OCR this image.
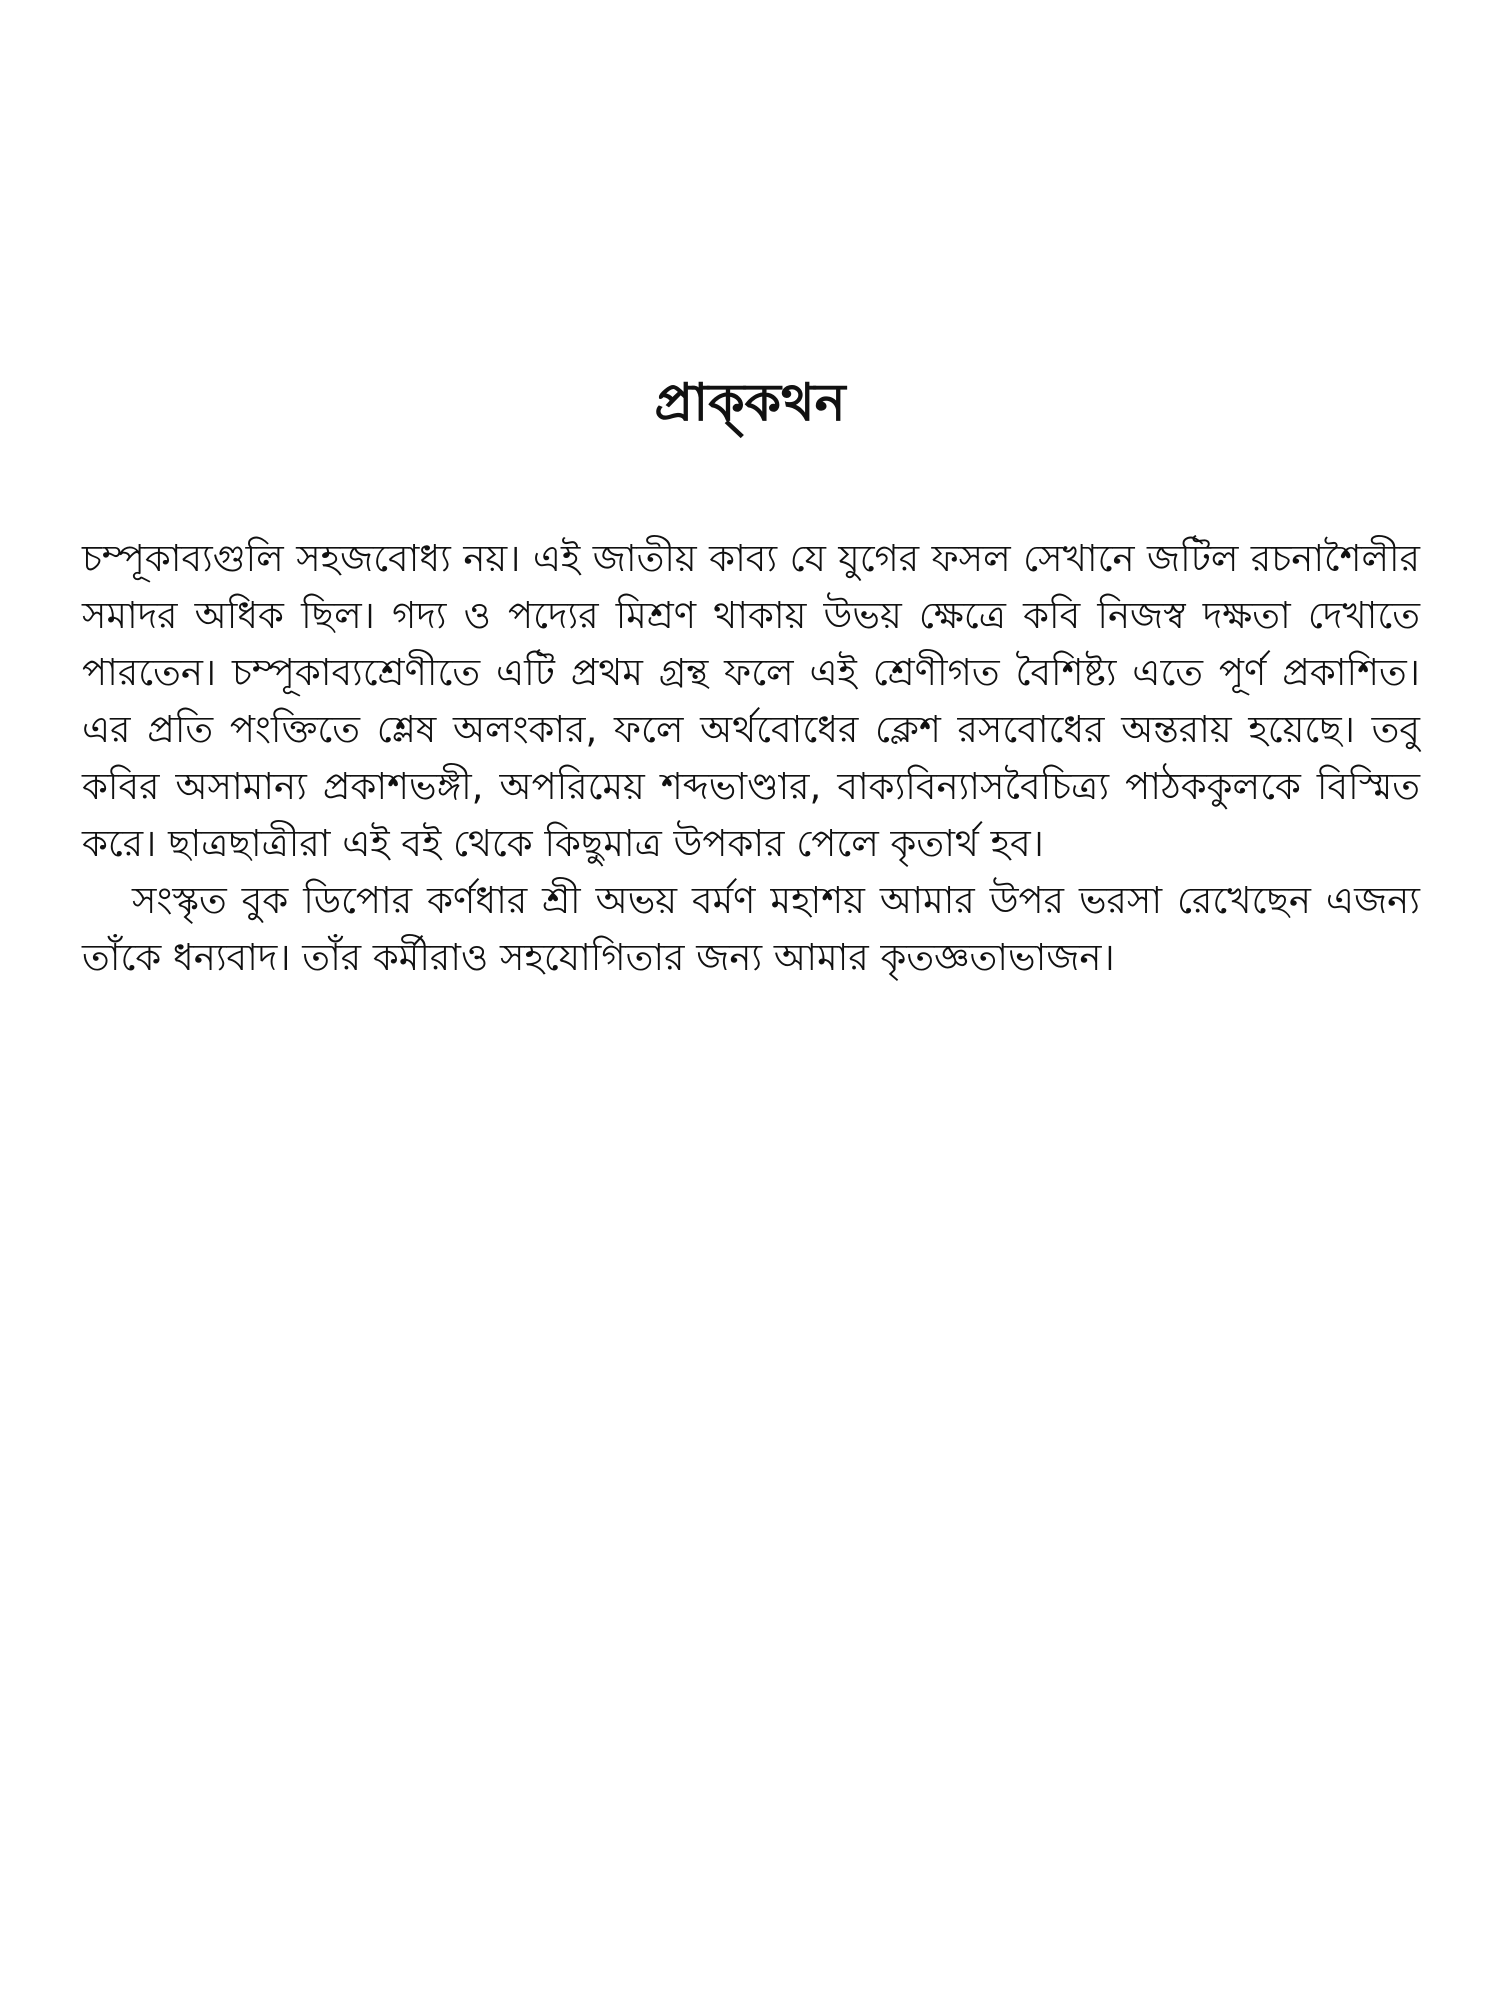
প্রাক্‌কথন

চম্পূকাব্যগুলি সহজবোধ্য নয়। এই জাতীয় কাব্য যে যুগের ফসল সেখানে জটিল রচনাশৈলীর সমাদর অধিক ছিল। গদ্য ও পদ্যের মিশ্রণ থাকায় উভয় ক্ষেত্রে কবি নিজস্ব দক্ষতা দেখাতে পারতেন। চম্পূকাব্যশ্রেণীতে এটি প্রথম গ্রন্থ ফলে এই শ্রেণীগত বৈশিষ্ট্য এতে পূর্ণ প্রকাশিত। এর প্রতি পংক্তিতে শ্লেষ অলংকার, ফলে অর্থবোধের ক্লেশ রসবোধের অন্তরায় হয়েছে। তবু কবির অসামান্য প্রকাশভঙ্গী, অপরিমেয় শব্দভাণ্ডার, বাক্যবিন্যাসবৈচিত্র্য পাঠককুলকে বিস্মিত করে। ছাত্রছাত্রীরা এই বই থেকে কিছুমাত্র উপকার পেলে কৃতার্থ হব।

সংস্কৃত বুক ডিপোর কর্ণধার শ্রী অভয় বর্মণ মহাশয় আমার উপর ভরসা রেখেছেন এজন্য তাঁকে ধন্যবাদ। তাঁর কর্মীরাও সহযোগিতার জন্য আমার কৃতজ্ঞতাভাজন।
